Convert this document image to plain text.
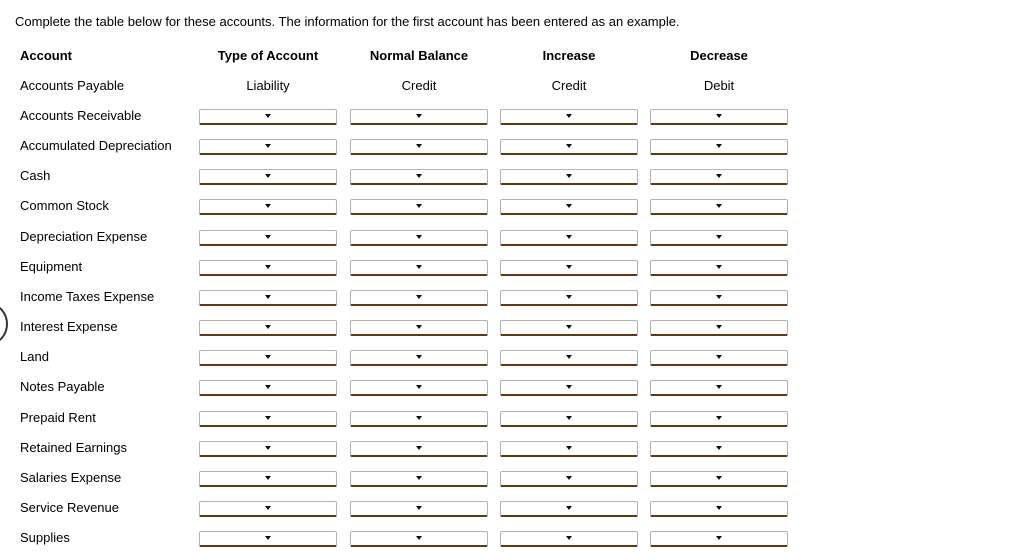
Complete the table below for these accounts. The information for the first account has been entered as an example.
Account	Type of Account	Normal Balance	Increase	Decrease
Accounts Payable	Liability	Credit	Credit	Debit
Accounts Receivable
Accumulated Depreciation
Cash
Common Stock
Depreciation Expense
Equipment
Income Taxes Expense
Interest Expense
Land
Notes Payable
Prepaid Rent
Retained Earnings
Salaries Expense
Service Revenue
Supplies
